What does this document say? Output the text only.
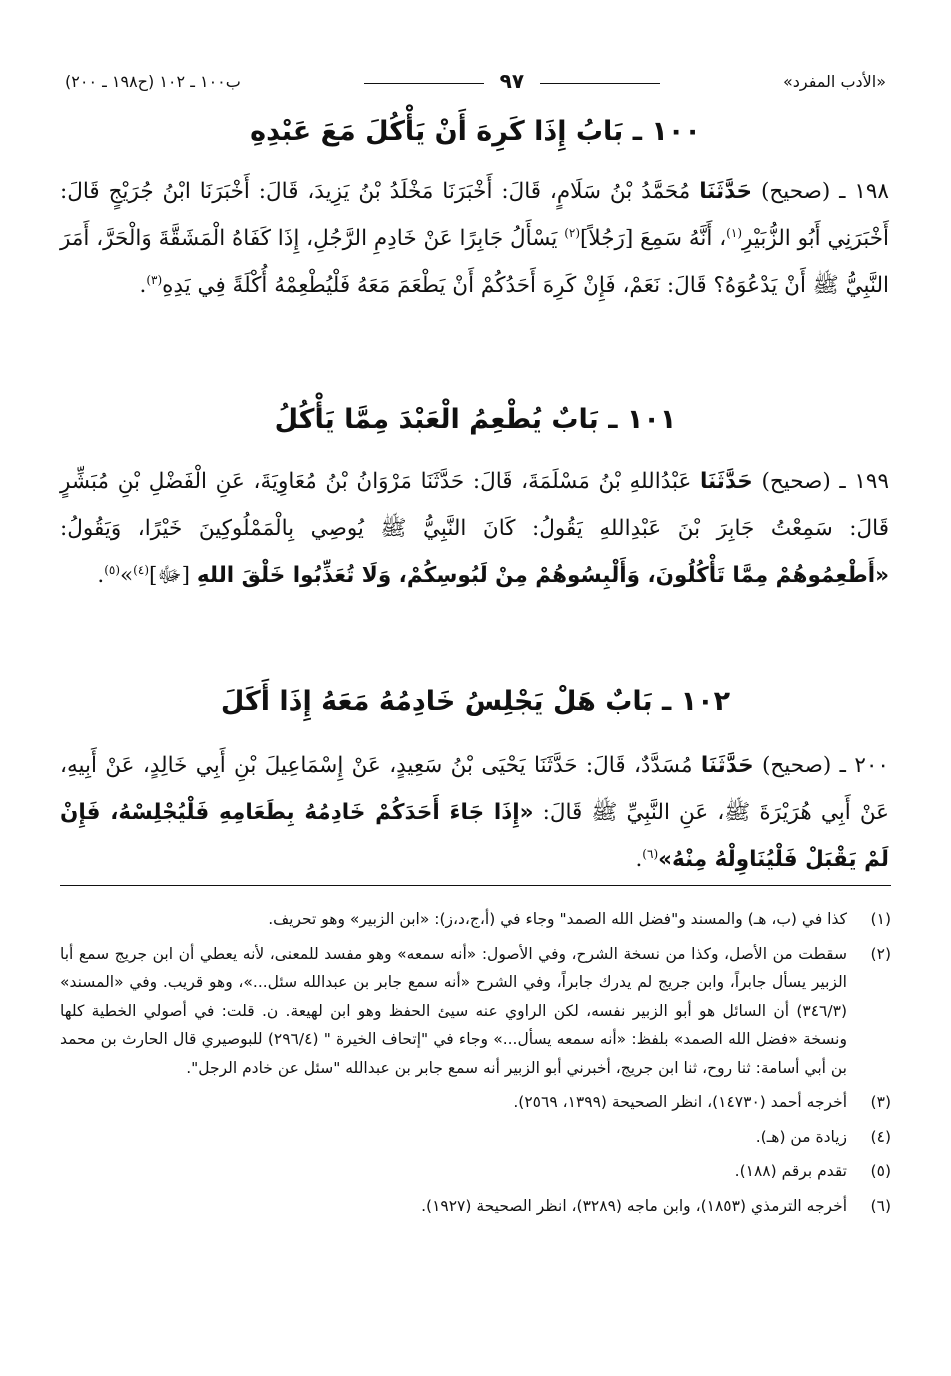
«الأدب المفرد»
٩٧
ب١٠٠ ـ ١٠٢ (ح١٩٨ ـ ٢٠٠)
١٠٠ ـ بَابُ إِذَا كَرِهَ أَنْ يَأْكُلَ مَعَ عَبْدِهِ
١٩٨ ـ (صحيح) حَدَّثَنَا مُحَمَّدُ بْنُ سَلَامٍ، قَالَ: أَخْبَرَنَا مَخْلَدُ بْنُ يَزِيدَ، قَالَ: أَخْبَرَنَا ابْنُ جُرَيْجٍ قَالَ: أَخْبَرَنِي أَبُو الزُّبَيْرِ$^{(١)}$، أَنَّهُ سَمِعَ [رَجُلاً]$^{(٢)}$ يَسْأَلُ جَابِرًا عَنْ خَادِمِ الرَّجُلِ، إِذَا كَفَاهُ الْمَشَقَّةَ وَالْحَرَّ، أَمَرَ النَّبِيُّ ﷺ أَنْ يَدْعُوَهُ؟ قَالَ: نَعَمْ، فَإِنْ كَرِهَ أَحَدُكُمْ أَنْ يَطْعَمَ مَعَهُ فَلْيُطْعِمْهُ أُكْلَةً فِي يَدِهِ$^{(٣)}$.
١٠١ ـ بَابٌ يُطْعِمُ الْعَبْدَ مِمَّا يَأْكُلُ
١٩٩ ـ (صحيح) حَدَّثَنَا عَبْدُاللهِ بْنُ مَسْلَمَةَ، قَالَ: حَدَّثَنَا مَرْوَانُ بْنُ مُعَاوِيَةَ، عَنِ الْفَضْلِ بْنِ مُبَشِّرٍ قَالَ: سَمِعْتُ جَابِرَ بْنَ عَبْدِاللهِ يَقُولُ: كَانَ النَّبِيُّ ﷺ يُوصِي بِالْمَمْلُوكِينَ خَيْرًا، وَيَقُولُ: «أَطْعِمُوهُمْ مِمَّا تَأْكُلُونَ، وَأَلْبِسُوهُمْ مِنْ لَبُوسِكُمْ، وَلَا تُعَذِّبُوا خَلْقَ اللهِ [ﷻ]$^{(٤)}$»$^{(٥)}$.
١٠٢ ـ بَابٌ هَلْ يَجْلِسُ خَادِمُهُ مَعَهُ إِذَا أَكَلَ
٢٠٠ ـ (صحيح) حَدَّثَنَا مُسَدَّدٌ، قَالَ: حَدَّثَنَا يَحْيَى بْنُ سَعِيدٍ، عَنْ إِسْمَاعِيلَ بْنِ أَبِي خَالِدٍ، عَنْ أَبِيهِ، عَنْ أَبِي هُرَيْرَةَ ﷺ، عَنِ النَّبِيِّ ﷺ قَالَ: «إِذَا جَاءَ أَحَدَكُمْ خَادِمُهُ بِطَعَامِهِ فَلْيُجْلِسْهُ، فَإِنْ لَمْ يَقْبَلْ فَلْيُنَاوِلْهُ مِنْهُ»$^{(٦)}$.
(١)
كذا في (ب، هـ) والمسند و"فضل الله الصمد" وجاء في (أ،ج،د،ز): «ابن الزبير» وهو تحريف.
(٢)
سقطت من الأصل، وكذا من نسخة الشرح، وفي الأصول: «أنه سمعه» وهو مفسد للمعنى، لأنه يعطي أن ابن جريج سمع أبا الزبير يسأل جابراً، وابن جريج لم يدرك جابراً، وفي الشرح «أنه سمع جابر بن عبدالله سئل...»، وهو قريب. وفي «المسند» (٣٤٦/٣) أن السائل هو أبو الزبير نفسه، لكن الراوي عنه سيئ الحفظ وهو ابن لهيعة. ن. قلت: في أصولي الخطية كلها ونسخة «فضل الله الصمد» بلفظ: «أنه سمعه يسأل...» وجاء في "إتحاف الخيرة " (٢٩٦/٤) للبوصيري قال الحارث بن محمد بن أبي أسامة: ثنا روح، ثنا ابن جريج، أخبرني أبو الزبير أنه سمع جابر بن عبدالله "سئل عن خادم الرجل".
(٣)
أخرجه أحمد (١٤٧٣٠)، انظر الصحيحة (١٣٩٩، ٢٥٦٩).
(٤)
زيادة من (هـ).
(٥)
تقدم برقم (١٨٨).
(٦)
أخرجه الترمذي (١٨٥٣)، وابن ماجه (٣٢٨٩)، انظر الصحيحة (١٩٢٧).
